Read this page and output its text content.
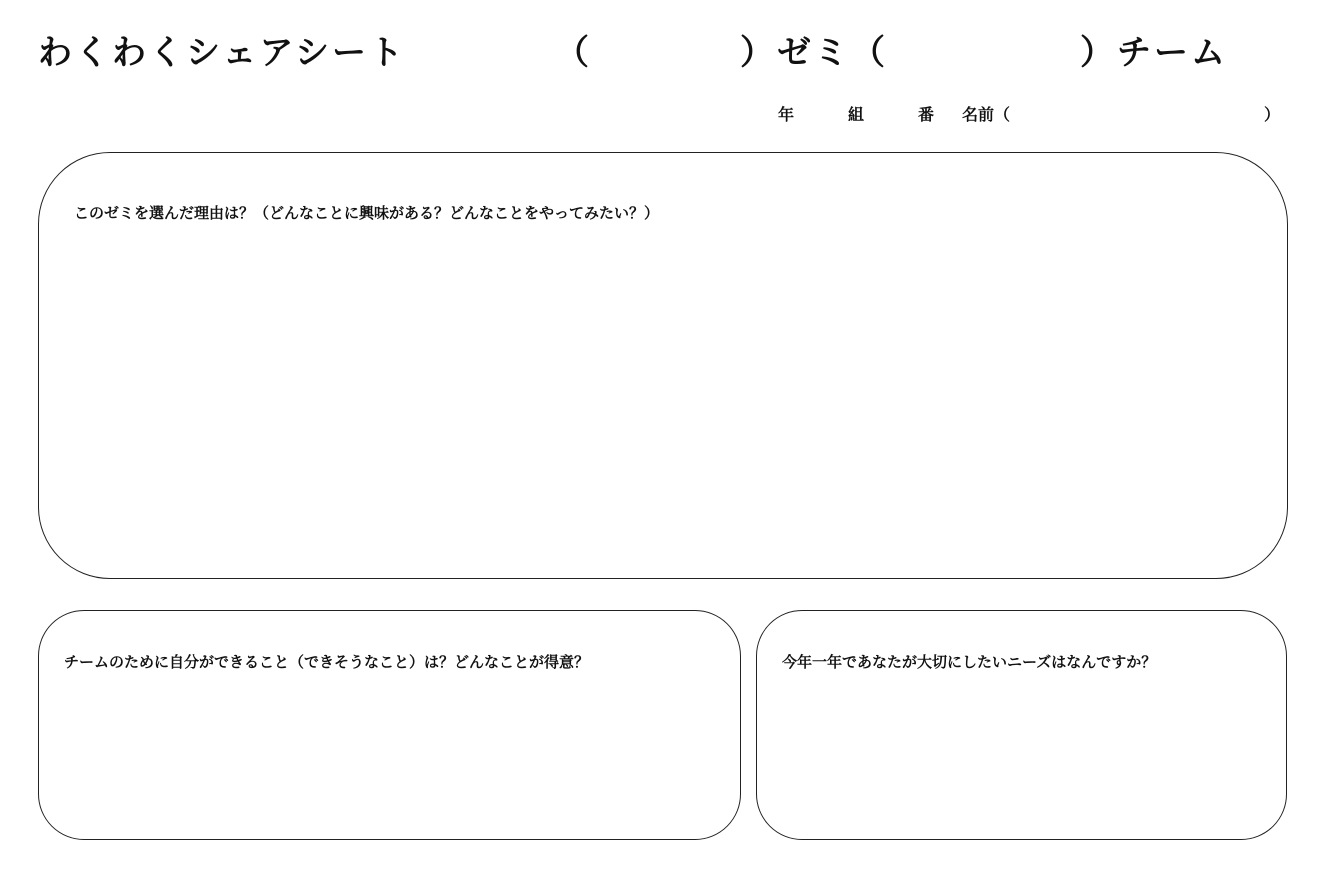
わくわくシェアシート	（	）ゼミ（	）チーム
年	組	番 名前（	）
このゼミを選んだ理由は？（どんなことに興味がある？どんなことをやってみたい？）
チームのために自分ができること（できそうなこと）は？どんなことが得意？	今年一年であなたが大切にしたいニーズはなんですか？
